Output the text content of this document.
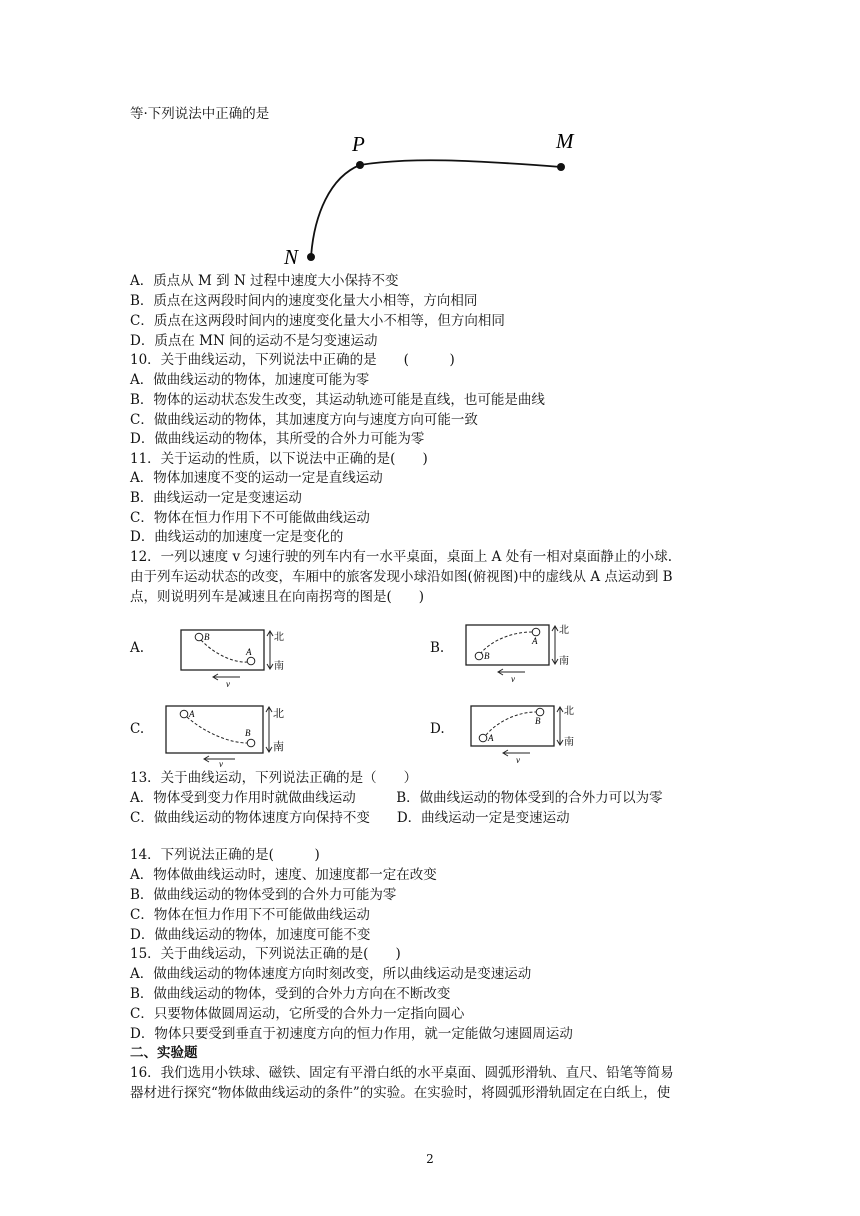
等·下列说法中正确的是
P	M
N
A．质点从 M 到 N 过程中速度大小保持不变
B．质点在这两段时间内的速度变化量大小相等，方向相同
C．质点在这两段时间内的速度变化量大小不相等，但方向相同
D．质点在 MN 间的运动不是匀变速运动
10．关于曲线运动，下列说法中正确的是　　(　　　)
A．做曲线运动的物体，加速度可能为零
B．物体的运动状态发生改变，其运动轨迹可能是直线，也可能是曲线
C．做曲线运动的物体，其加速度方向与速度方向可能一致
D．做曲线运动的物体，其所受的合外力可能为零
11．关于运动的性质，以下说法中正确的是(　　)
A．物体加速度不变的运动一定是直线运动
B．曲线运动一定是变速运动
C．物体在恒力作用下不可能做曲线运动
D．曲线运动的加速度一定是变化的
12．一列以速度 v 匀速行驶的列车内有一水平桌面，桌面上 A 处有一相对桌面静止的小球.
由于列车运动状态的改变，车厢中的旅客发现小球沿如图(俯视图)中的虚线从 A 点运动到 B
点，则说明列车是减速且在向南拐弯的图是(　　)
A.	B.
C.	D.
B
A
北
南
v
A
B
北
南
v
A
B
北
南
v
B
A
北
南
v
13．关于曲线运动，下列说法正确的是（　　）
A．物体受到变力作用时就做曲线运动　　　B．做曲线运动的物体受到的合外力可以为零
C．做曲线运动的物体速度方向保持不变　　D．曲线运动一定是变速运动
14．下列说法正确的是(　　　)
A．物体做曲线运动时，速度、加速度都一定在改变
B．做曲线运动的物体受到的合外力可能为零
C．物体在恒力作用下不可能做曲线运动
D．做曲线运动的物体，加速度可能不变
15．关于曲线运动，下列说法正确的是(　　)
A．做曲线运动的物体速度方向时刻改变，所以曲线运动是变速运动
B．做曲线运动的物体，受到的合外力方向在不断改变
C．只要物体做圆周运动，它所受的合外力一定指向圆心
D．物体只要受到垂直于初速度方向的恒力作用，就一定能做匀速圆周运动
二、实验题
16．我们选用小铁球、磁铁、固定有平滑白纸的水平桌面、圆弧形滑轨、直尺、铅笔等简易
器材进行探究“物体做曲线运动的条件”的实验。在实验时，将圆弧形滑轨固定在白纸上，使
2
